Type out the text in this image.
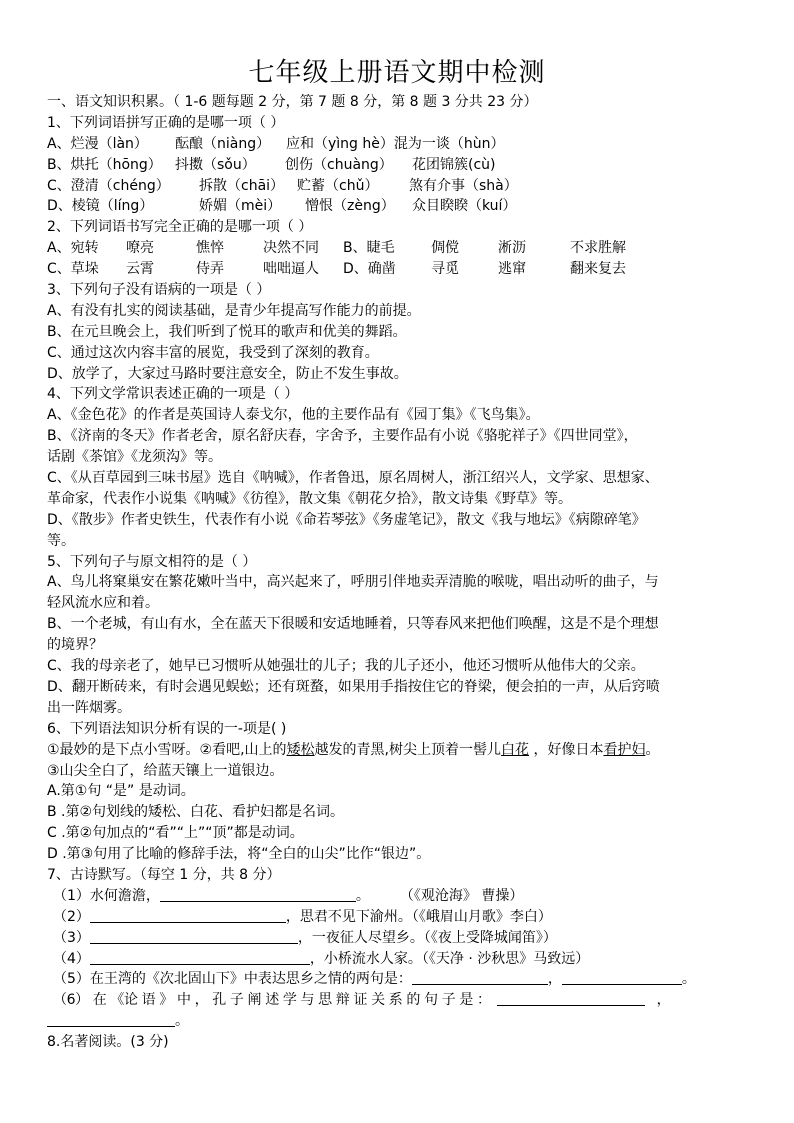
七年级上册语文期中检测
一、语文知识积累。（ 1-6 题每题 2 分，第 7 题 8 分，第 8 题 3 分共 23 分）
1、下列词语拼写正确的是哪一项（ ）
A、烂漫（làn） 酝酿（niàng） 应和（yìng hè）混为一谈（hùn）
B、烘托（hōng） 抖擞（sǒu） 创伤（chuàng） 花团锦簇(cù)
C、澄清（chéng） 拆散（chāi） 贮蓄（chǔ） 煞有介事（shà）
D、棱镜（líng）	娇媚（mèi） 憎恨（zèng） 众目睽睽（kuí）
2、下列词语书写完全正确的是哪一项（ ）
A、宛转 嘹亮	憔悴	决然不同 B、睫毛	倜傥	淅沥	不求胜解
C、草垛 云霄	侍弄	咄咄逼人 D、确凿	寻觅	逃窜	翻来复去
3、下列句子没有语病的一项是（ ）
A、有没有扎实的阅读基础，是青少年提高写作能力的前提。
B、在元旦晚会上，我们听到了悦耳的歌声和优美的舞蹈。
C、通过这次内容丰富的展览，我受到了深刻的教育。
D、放学了，大家过马路时要注意安全，防止不发生事故。
4、下列文学常识表述正确的一项是（ ）
A、《金色花》的作者是英国诗人泰戈尔，他的主要作品有《园丁集》《飞鸟集》。
B、《济南的冬天》作者老舍，原名舒庆春，字舍予，主要作品有小说《骆驼祥子》《四世同堂》，
话剧《茶馆》《龙须沟》等。
C、《从百草园到三味书屋》选自《呐喊》，作者鲁迅，原名周树人，浙江绍兴人，文学家、思想家、
革命家，代表作小说集《呐喊》《彷徨》，散文集《朝花夕拾》，散文诗集《野草》等。
D、《散步》作者史铁生，代表作有小说《命若琴弦》《务虚笔记》，散文《我与地坛》《病隙碎笔》
等。
5、下列句子与原文相符的是（ ）
A、鸟儿将窠巢安在繁花嫩叶当中，高兴起来了，呼朋引伴地卖弄清脆的喉咙，唱出动听的曲子，与
轻风流水应和着。
B、一个老城，有山有水，全在蓝天下很暖和安适地睡着，只等春风来把他们唤醒，这是不是个理想
的境界？
C、我的母亲老了，她早已习惯听从她强壮的儿子；我的儿子还小，他还习惯听从他伟大的父亲。
D、翻开断砖来，有时会遇见蜈蚣；还有斑蝥，如果用手指按住它的脊梁，便会拍的一声，从后窍喷
出一阵烟雾。
6、下列语法知识分析有误的一-项是( )
①最妙的是下点小雪呀。②看吧,山上的矮松越发的青黑,树尖上顶着一髻儿白花 ，好像日本看护妇。
③山尖全白了，给蓝天镶上一道银边。
A.第①句 “是” 是动词。
B .第②句划线的矮松、白花、看护妇都是名词。
C .第②句加点的“看”“上”“顶”都是动词。
D .第③句用了比喻的修辞手法，将“全白的山尖”比作“银边”。
7、古诗默写。（每空 1 分，共 8 分）
（1）水何澹澹，	。 （《观沧海》 曹操）
（2）	，思君不见下渝州。（《峨眉山月歌》李白）
（3）	，一夜征人尽望乡。（《夜上受降城闻笛》）
（4）	，小桥流水人家。（《天净 · 沙秋思》马致远）
（5）在王湾的《次北固山下》中表达思乡之情的两句是：	，	。
（6） 在 《论 语 》 中 ， 孔 子 阐 述 学 与 思 辩 证 关 系 的 句 子 是 ：	，
。
8.名著阅读。(3 分)
